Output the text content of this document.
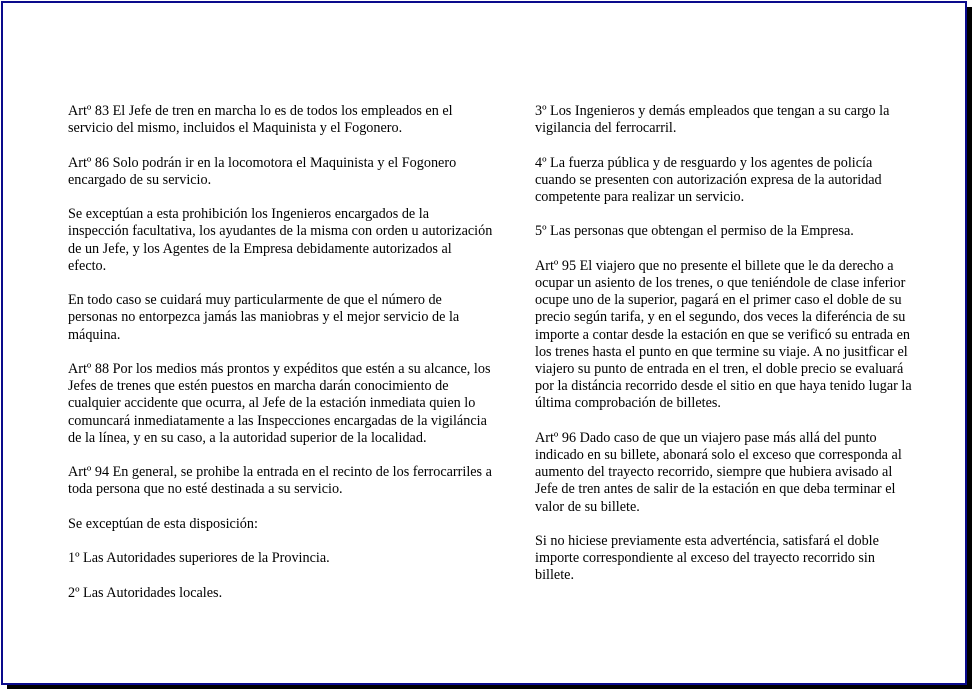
Artº 83 El Jefe de tren en marcha lo es de todos los empleados en el servicio del mismo, incluidos el Maquinista y el Fogonero.

Artº 86 Solo podrán ir en la locomotora el Maquinista y el Fogonero encargado de su servicio.

Se exceptúan a esta prohibición los Ingenieros encargados de la inspección facultativa, los ayudantes de la misma con orden u autorización de un Jefe, y los Agentes de la Empresa debidamente autorizados al efecto.

En todo caso se cuidará muy particularmente de que el número de personas no entorpezca jamás las maniobras y el mejor servicio de la máquina.

Artº 88 Por los medios más prontos y expéditos que estén a su alcance, los Jefes de trenes que estén puestos en marcha darán conocimiento de cualquier accidente que ocurra, al Jefe de la estación inmediata quien lo comuncará inmediatamente a las Inspecciones encargadas de la vigiláncia de la línea, y en su caso, a la autoridad superior de la localidad.

Artº 94 En general, se prohibe la entrada en el recinto de los ferrocarriles a toda persona que no esté destinada a su servicio.

Se exceptúan de esta disposición:

1º Las Autoridades superiores de la Provincia.

2º Las Autoridades locales.

3º Los Ingenieros y demás empleados que tengan a su cargo la vigilancia del ferrocarril.

4º La fuerza pública y de resguardo y los agentes de policía cuando se presenten con autorización expresa de la autoridad competente para realizar un servicio.

5º Las personas que obtengan el permiso de la Empresa.

Artº 95 El viajero que no presente el billete que le da derecho a ocupar un asiento de los trenes, o que teniéndole de clase inferior ocupe uno de la superior, pagará en el primer caso el doble de su precio según tarifa, y en el segundo, dos veces la diferéncia de su importe a contar desde la estación en que se verificó su entrada en los trenes hasta el punto en que termine su viaje. A no jusitficar el viajero su punto de entrada en el tren, el doble precio se evaluará por la distáncia recorrido desde el sitio en que haya tenido lugar la última comprobación de billetes.

Artº 96 Dado caso de que un viajero pase más allá del punto indicado en su billete, abonará solo el exceso que corresponda al aumento del trayecto recorrido, siempre que hubiera avisado al Jefe de tren antes de salir de la estación en que deba terminar el valor de su billete.

Si no hiciese previamente esta adverténcia, satisfará el doble importe correspondiente al exceso del trayecto recorrido sin billete.
